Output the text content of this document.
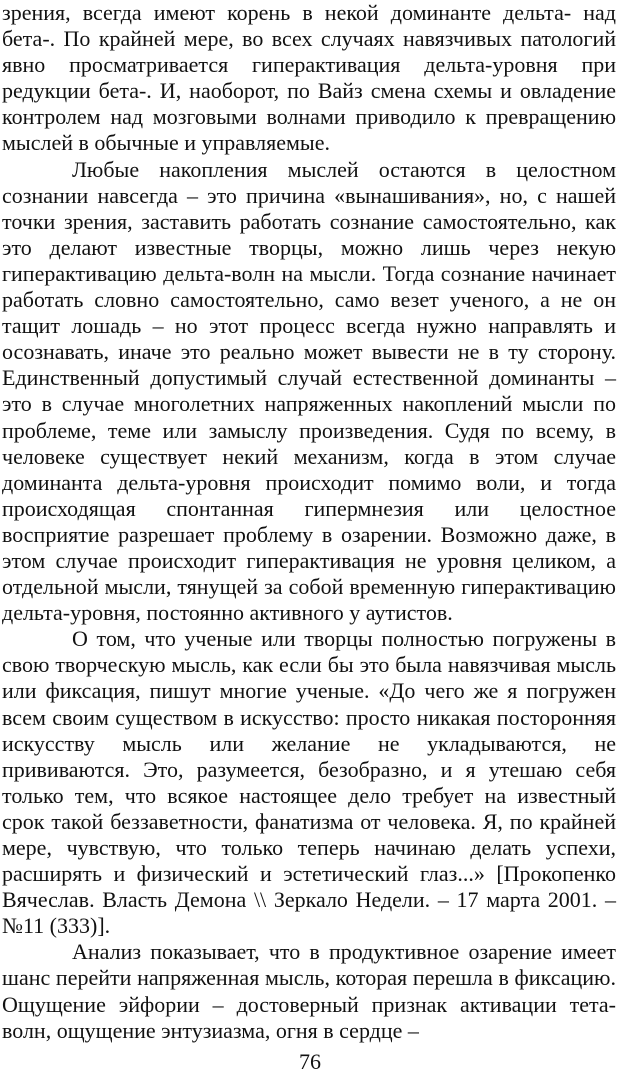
зрения, всегда имеют корень в некой доминанте дельта- над бета-. По крайней мере, во всех случаях навязчивых патологий явно просматривается гиперактивация дельта-уровня при редукции бета-. И, наоборот, по Вайз смена схемы и овладение контролем над мозговыми волнами приводило к превращению мыслей в обычные и управляемые.

Любые накопления мыслей остаются в целостном сознании навсегда – это причина «вынашивания», но, с нашей точки зрения, заставить работать сознание самостоятельно, как это делают известные творцы, можно лишь через некую гиперактивацию дельта-волн на мысли. Тогда сознание начинает работать словно самостоятельно, само везет ученого, а не он тащит лошадь – но этот процесс всегда нужно направлять и осознавать, иначе это реально может вывести не в ту сторону. Единственный допустимый случай естественной доминанты – это в случае многолетних напряженных накоплений мысли по проблеме, теме или замыслу произведения. Судя по всему, в человеке существует некий механизм, когда в этом случае доминанта дельта-уровня происходит помимо воли, и тогда происходящая спонтанная гипермнезия или целостное восприятие разрешает проблему в озарении. Возможно даже, в этом случае происходит гиперактивация не уровня целиком, а отдельной мысли, тянущей за собой временную гиперактивацию дельта-уровня, постоянно активного у аутистов.

О том, что ученые или творцы полностью погружены в свою творческую мысль, как если бы это была навязчивая мысль или фиксация, пишут многие ученые. «До чего же я погружен всем своим существом в искусство: просто никакая посторонняя искусству мысль или желание не укладываются, не прививаются. Это, разумеется, безобразно, и я утешаю себя только тем, что всякое настоящее дело требует на известный срок такой беззаветности, фанатизма от человека. Я, по крайней мере, чувствую, что только теперь начинаю делать успехи, расширять и физический и эстетический глаз...» [Прокопенко Вячеслав. Власть Демона \\ Зеркало Недели. – 17 марта 2001. – №11 (333)].

Анализ показывает, что в продуктивное озарение имеет шанс перейти напряженная мысль, которая перешла в фиксацию. Ощущение эйфории – достоверный признак активации тета-волн, ощущение энтузиазма, огня в сердце –

76
